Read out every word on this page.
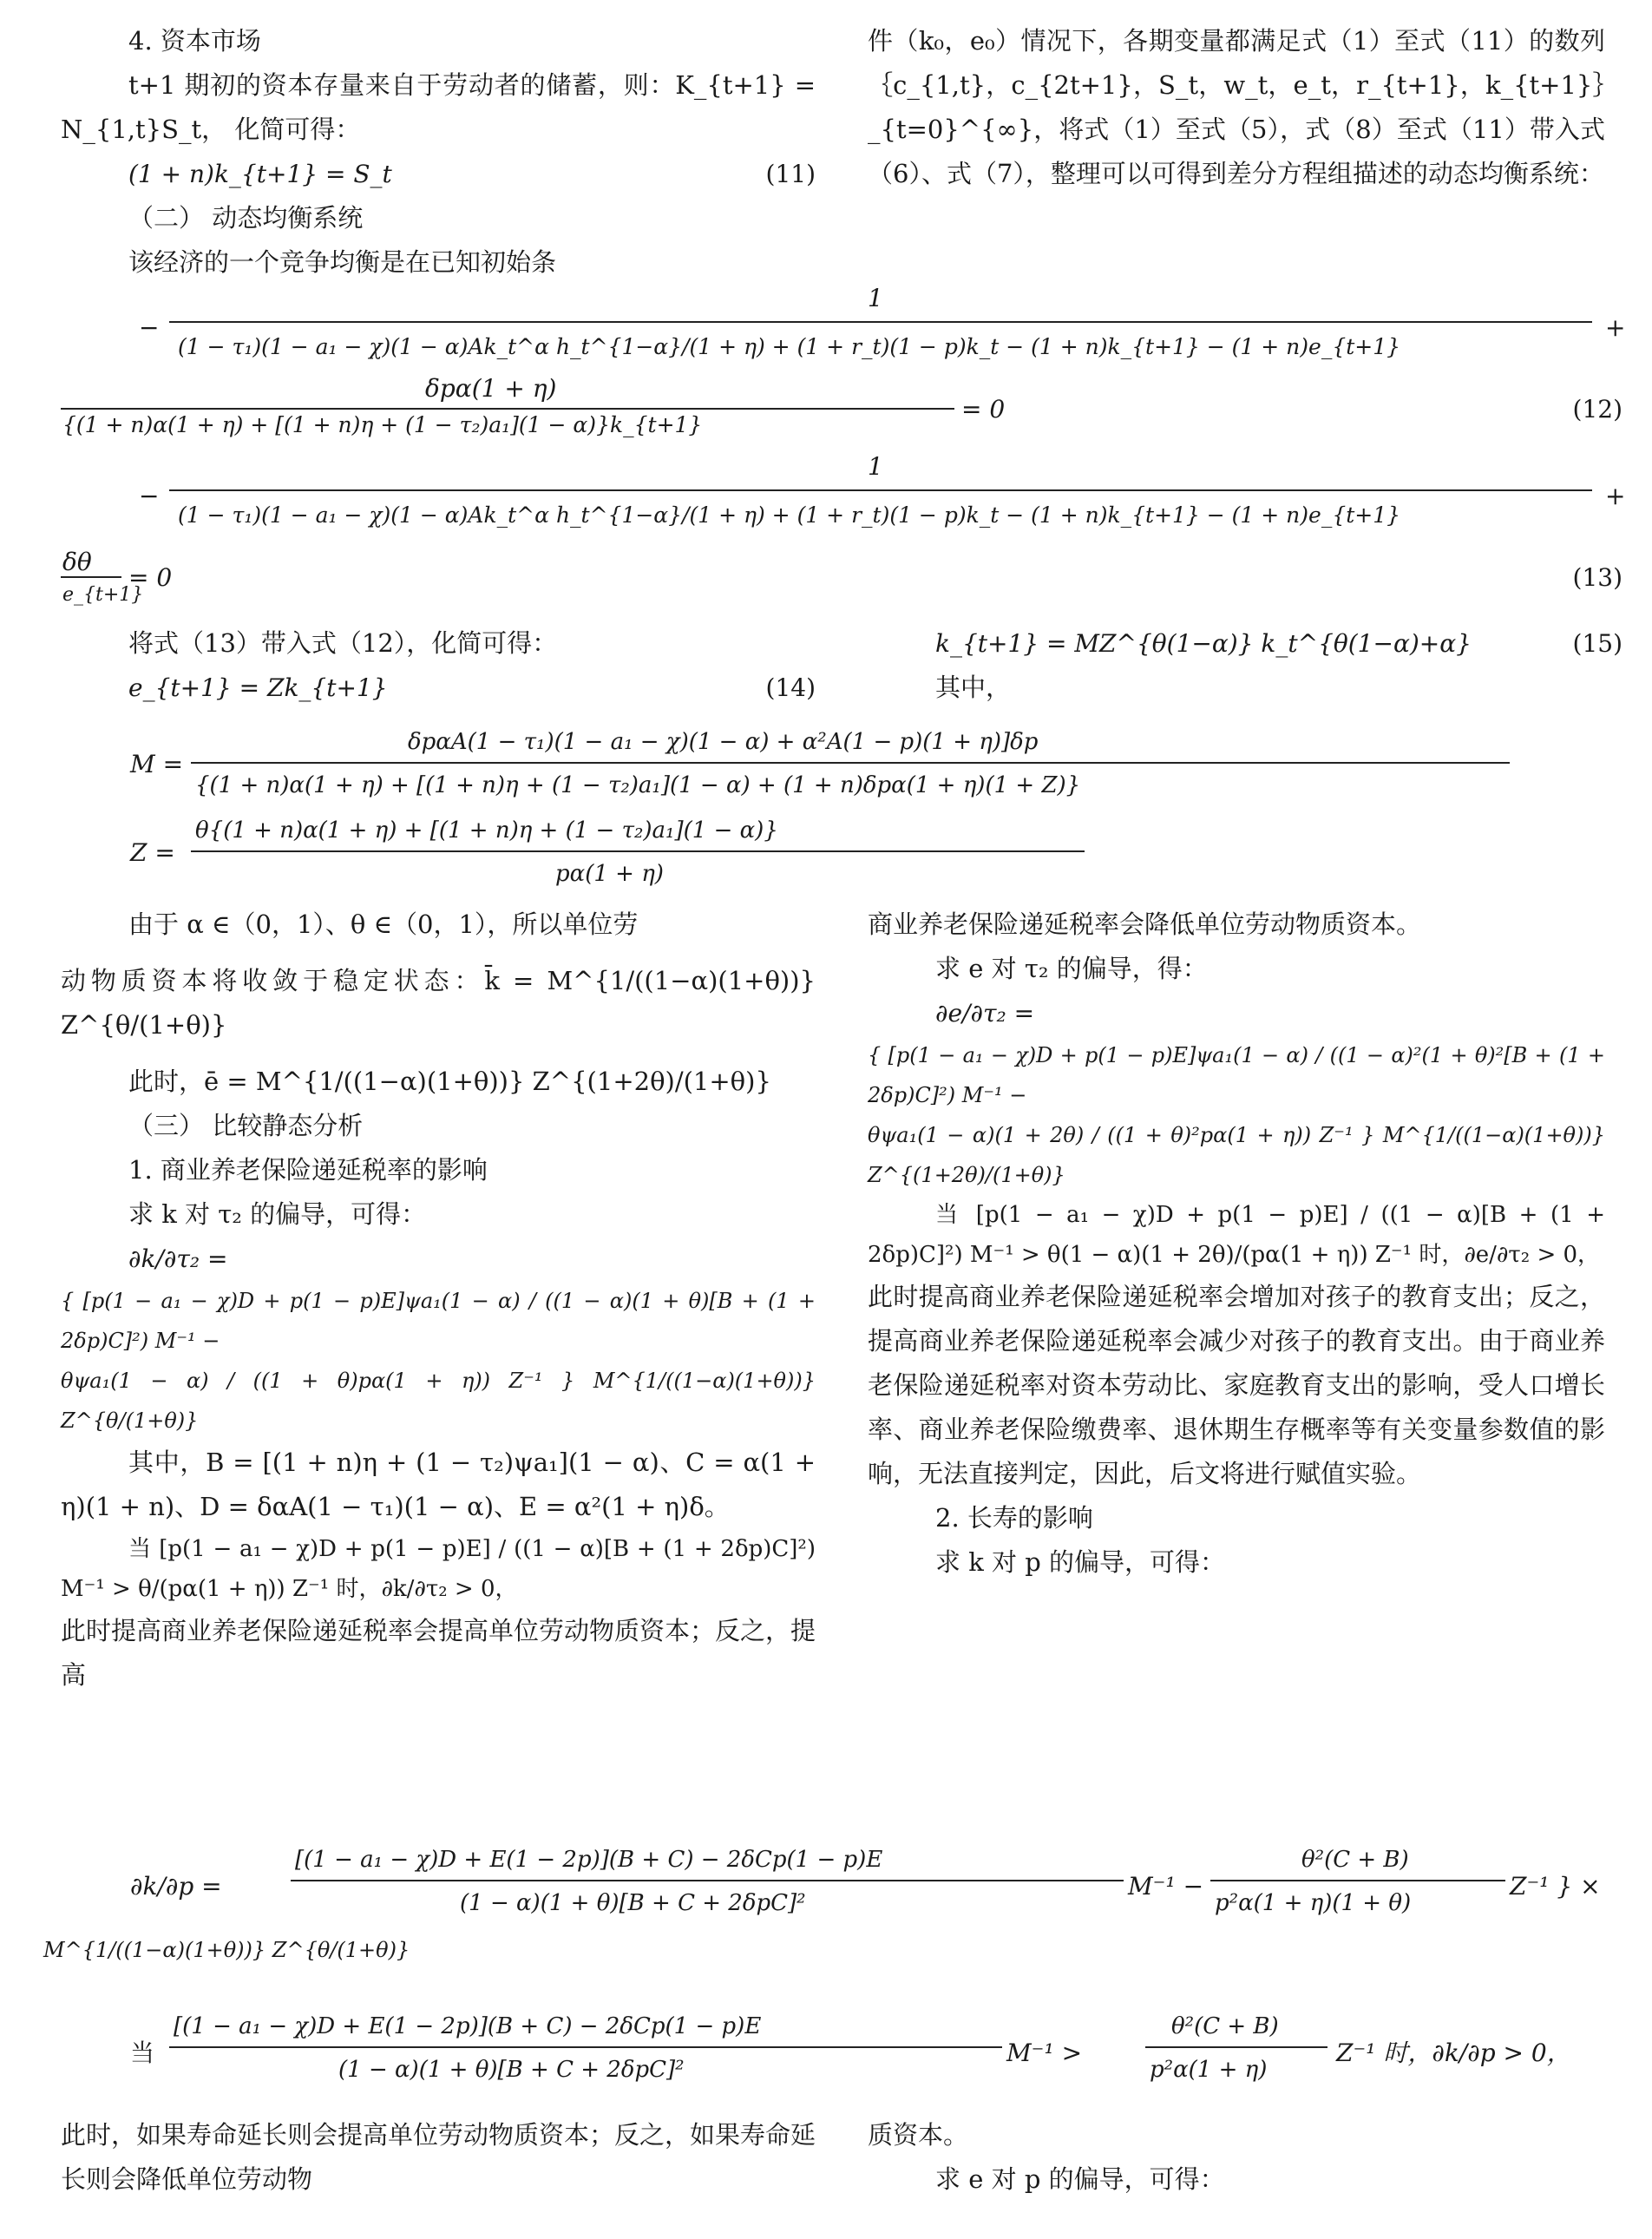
4. 资本市场

t+1 期初的资本存量来自于劳动者的储蓄，则：K_{t+1} = N_{1,t}S_t， 化简可得：

(1 + n)k_{t+1} = S_t	(11)

（二） 动态均衡系统

该经济的一个竞争均衡是在已知初始条

件（k₀，e₀）情况下，各期变量都满足式（1）至式（11）的数列｛c_{1,t}，c_{2t+1}，S_t，w_t，e_t，r_{t+1}，k_{t+1}｝_{t=0}^{∞}，将式（1）至式（5），式（8）至式（11）带入式（6）、式（7），整理可以可得到差分方程组描述的动态均衡系统：

−
1
(1 − τ₁)(1 − a₁ − χ)(1 − α)Ak_t^α h_t^{1−α}/(1 + η) + (1 + r_t)(1 − p)k_t − (1 + n)k_{t+1} − (1 + n)e_{t+1}
+
δpα(1 + η)
{(1 + n)α(1 + η) + [(1 + n)η + (1 − τ₂)a₁](1 − α)}k_{t+1}
= 0	(12)
−
1
(1 − τ₁)(1 − a₁ − χ)(1 − α)Ak_t^α h_t^{1−α}/(1 + η) + (1 + r_t)(1 − p)k_t − (1 + n)k_{t+1} − (1 + n)e_{t+1}
+
δθ
e_{t+1}
= 0	(13)

将式（13）带入式（12），化简可得：

e_{t+1} = Zk_{t+1}	(14)
k_{t+1} = MZ^{θ(1−α)} k_t^{θ(1−α)+α}	(15)

其中，

M =
δpαA(1 − τ₁)(1 − a₁ − χ)(1 − α) + α²A(1 − p)(1 + η)]δp
{(1 + n)α(1 + η) + [(1 + n)η + (1 − τ₂)a₁](1 − α) + (1 + n)δpα(1 + η)(1 + Z)}
Z =
θ{(1 + n)α(1 + η) + [(1 + n)η + (1 − τ₂)a₁](1 − α)}
pα(1 + η)

由于 α ∈（0，1）、θ ∈（0，1），所以单位劳

动物质资本将收敛于稳定状态：k̄ = M^{1/((1−α)(1+θ))} Z^{θ/(1+θ)}

此时，ē = M^{1/((1−α)(1+θ))} Z^{(1+2θ)/(1+θ)}

（三） 比较静态分析

1. 商业养老保险递延税率的影响

求 k 对 τ₂ 的偏导，可得：

∂k/∂τ₂ =

{ [p(1 − a₁ − χ)D + p(1 − p)E]ψa₁(1 − α) / ((1 − α)(1 + θ)[B + (1 + 2δp)C]²) M⁻¹ −

θψa₁(1 − α) / ((1 + θ)pα(1 + η)) Z⁻¹ } M^{1/((1−α)(1+θ))} Z^{θ/(1+θ)}

其中，B = [(1 + n)η + (1 − τ₂)ψa₁](1 − α)、C = α(1 + η)(1 + n)、D = δαA(1 − τ₁)(1 − α)、E = α²(1 + η)δ。

当 [p(1 − a₁ − χ)D + p(1 − p)E] / ((1 − α)[B + (1 + 2δp)C]²) M⁻¹ > θ/(pα(1 + η)) Z⁻¹ 时，∂k/∂τ₂ > 0，

此时提高商业养老保险递延税率会提高单位劳动物质资本；反之，提高

商业养老保险递延税率会降低单位劳动物质资本。

求 e 对 τ₂ 的偏导，得：

∂e/∂τ₂ =

{ [p(1 − a₁ − χ)D + p(1 − p)E]ψa₁(1 − α) / ((1 − α)²(1 + θ)²[B + (1 + 2δp)C]²) M⁻¹ −

θψa₁(1 − α)(1 + 2θ) / ((1 + θ)²pα(1 + η)) Z⁻¹ } M^{1/((1−α)(1+θ))} Z^{(1+2θ)/(1+θ)}

当 [p(1 − a₁ − χ)D + p(1 − p)E] / ((1 − α)[B + (1 + 2δp)C]²) M⁻¹ > θ(1 − α)(1 + 2θ)/(pα(1 + η)) Z⁻¹ 时，∂e/∂τ₂ > 0，

此时提高商业养老保险递延税率会增加对孩子的教育支出；反之，提高商业养老保险递延税率会减少对孩子的教育支出。由于商业养老保险递延税率对资本劳动比、家庭教育支出的影响，受人口增长率、商业养老保险缴费率、退休期生存概率等有关变量参数值的影响，无法直接判定，因此，后文将进行赋值实验。

2. 长寿的影响

求 k 对 p 的偏导，可得：

∂k/∂p =
[(1 − a₁ − χ)D + E(1 − 2p)](B + C) − 2δCp(1 − p)E
(1 − α)(1 + θ)[B + C + 2δpC]²
M⁻¹ −
θ²(C + B)
p²α(1 + η)(1 + θ)
Z⁻¹ } ×
M^{1/((1−α)(1+θ))} Z^{θ/(1+θ)}
当
[(1 − a₁ − χ)D + E(1 − 2p)](B + C) − 2δCp(1 − p)E
(1 − α)(1 + θ)[B + C + 2δpC]²
M⁻¹ >
θ²(C + B)
p²α(1 + η)
Z⁻¹ 时，∂k/∂p > 0，

此时，如果寿命延长则会提高单位劳动物质资本；反之，如果寿命延长则会降低单位劳动物

质资本。

求 e 对 p 的偏导，可得：
